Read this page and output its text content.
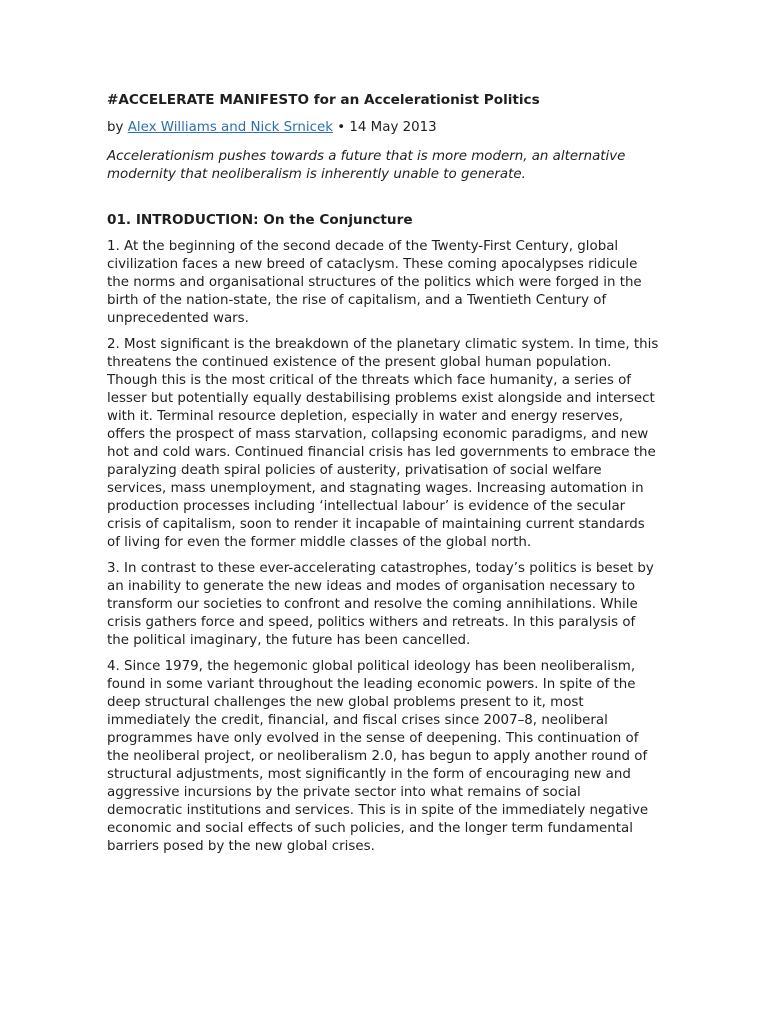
#ACCELERATE MANIFESTO for an Accelerationist Politics
by Alex Williams and Nick Srnicek • 14 May 2013
Accelerationism pushes towards a future that is more modern, an alternative modernity that neoliberalism is inherently unable to generate.
01. INTRODUCTION: On the Conjuncture

1. At the beginning of the second decade of the Twenty-First Century, global civilization faces a new breed of cataclysm. These coming apocalypses ridicule the norms and organisational structures of the politics which were forged in the birth of the nation-state, the rise of capitalism, and a Twentieth Century of unprecedented wars.

2. Most significant is the breakdown of the planetary climatic system. In time, this threatens the continued existence of the present global human population. Though this is the most critical of the threats which face humanity, a series of lesser but potentially equally destabilising problems exist alongside and intersect with it. Terminal resource depletion, especially in water and energy reserves, offers the prospect of mass starvation, collapsing economic paradigms, and new hot and cold wars. Continued financial crisis has led governments to embrace the paralyzing death spiral policies of austerity, privatisation of social welfare services, mass unemployment, and stagnating wages. Increasing automation in production processes including ‘intellectual labour’ is evidence of the secular crisis of capitalism, soon to render it incapable of maintaining current standards of living for even the former middle classes of the global north.

3. In contrast to these ever-accelerating catastrophes, today’s politics is beset by an inability to generate the new ideas and modes of organisation necessary to transform our societies to confront and resolve the coming annihilations. While crisis gathers force and speed, politics withers and retreats. In this paralysis of the political imaginary, the future has been cancelled.

4. Since 1979, the hegemonic global political ideology has been neoliberalism, found in some variant throughout the leading economic powers. In spite of the deep structural challenges the new global problems present to it, most immediately the credit, financial, and fiscal crises since 2007–8, neoliberal programmes have only evolved in the sense of deepening. This continuation of the neoliberal project, or neoliberalism 2.0, has begun to apply another round of structural adjustments, most significantly in the form of encouraging new and aggressive incursions by the private sector into what remains of social democratic institutions and services. This is in spite of the immediately negative economic and social effects of such policies, and the longer term fundamental barriers posed by the new global crises.
